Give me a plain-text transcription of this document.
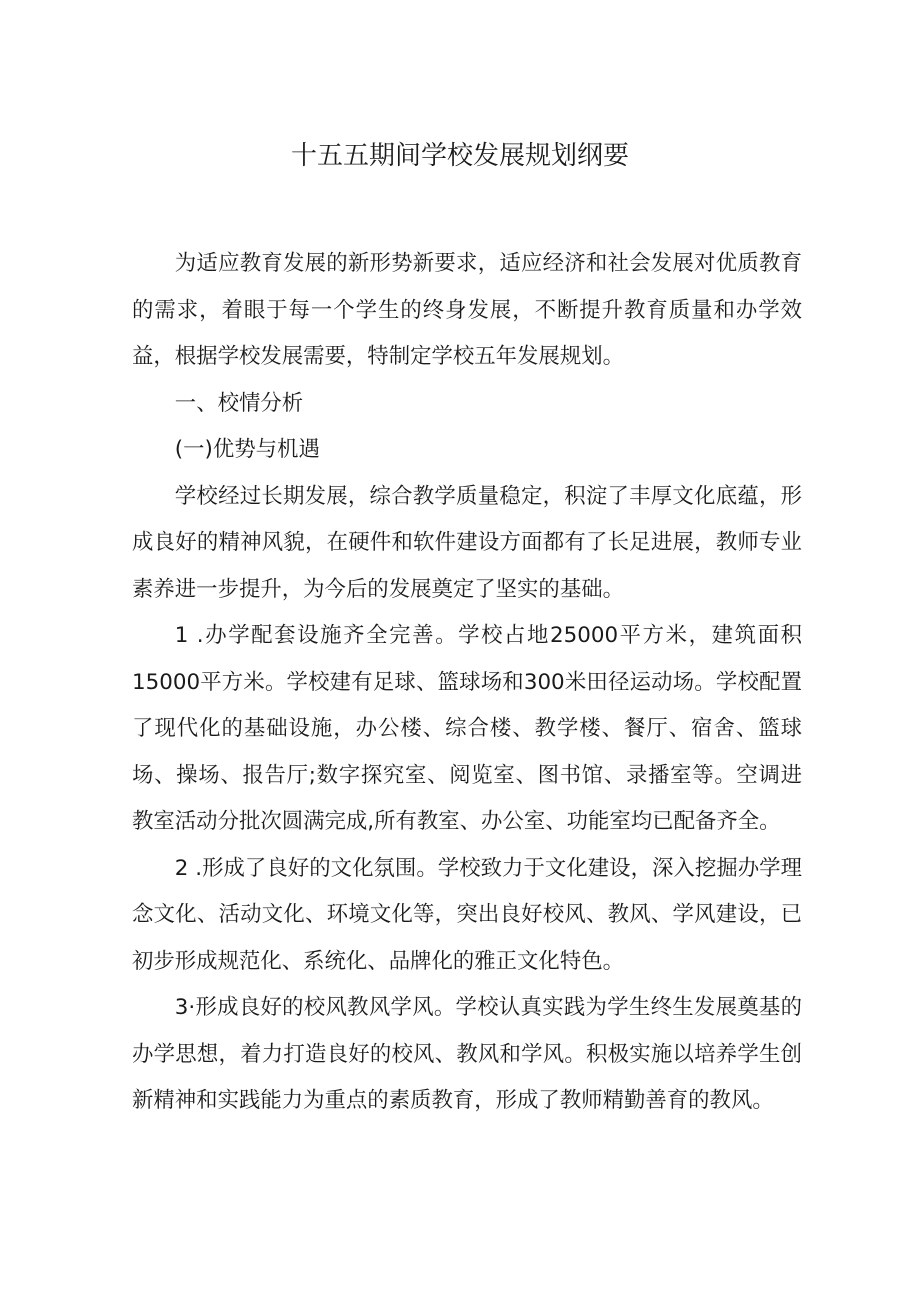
十五五期间学校发展规划纲要

为适应教育发展的新形势新要求，适应经济和社会发展对优质教育的需求，着眼于每一个学生的终身发展，不断提升教育质量和办学效益，根据学校发展需要，特制定学校五年发展规划。

一、校情分析

(一)优势与机遇

学校经过长期发展，综合教学质量稳定，积淀了丰厚文化底蕴，形成良好的精神风貌，在硬件和软件建设方面都有了长足进展，教师专业素养进一步提升，为今后的发展奠定了坚实的基础。

1 .办学配套设施齐全完善。学校占地25000平方米，建筑面积15000平方米。学校建有足球、篮球场和300米田径运动场。学校配置了现代化的基础设施，办公楼、综合楼、教学楼、餐厅、宿舍、篮球场、操场、报告厅;数字探究室、阅览室、图书馆、录播室等。空调进教室活动分批次圆满完成,所有教室、办公室、功能室均已配备齐全。

2 .形成了良好的文化氛围。学校致力于文化建设，深入挖掘办学理念文化、活动文化、环境文化等，突出良好校风、教风、学风建设，已初步形成规范化、系统化、品牌化的雅正文化特色。

3·形成良好的校风教风学风。学校认真实践为学生终生发展奠基的办学思想，着力打造良好的校风、教风和学风。积极实施以培养学生创新精神和实践能力为重点的素质教育，形成了教师精勤善育的教风。
